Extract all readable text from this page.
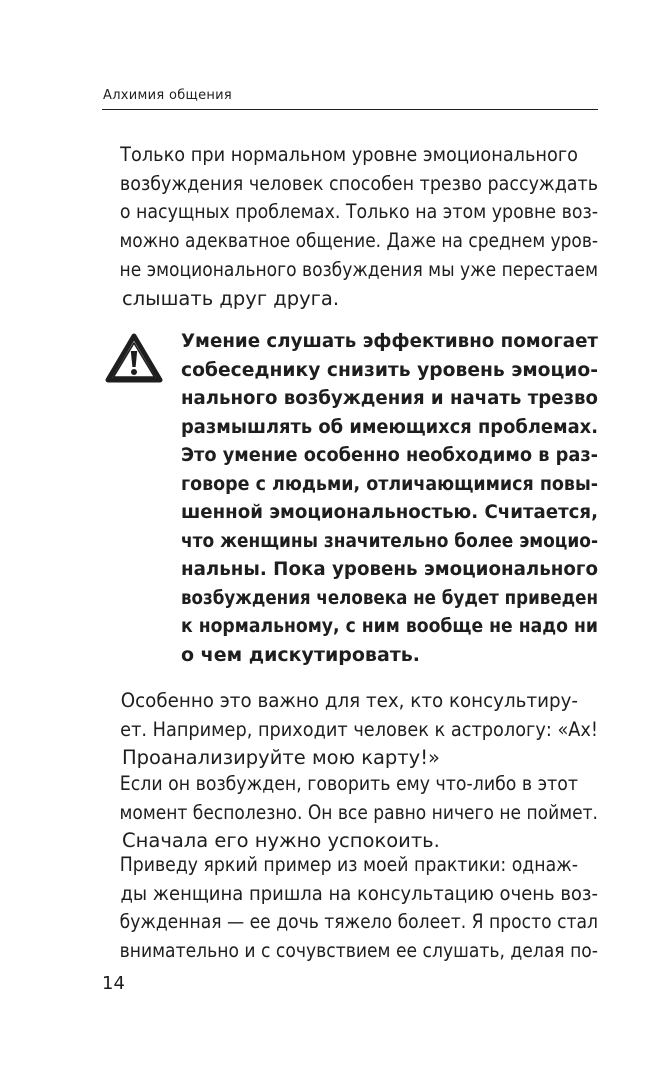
Алхимия общения
Только при нормальном уровне эмоционального
возбуждения человек способен трезво рассуждать
о насущных проблемах. Только на этом уровне воз-
можно адекватное общение. Даже на среднем уров-
не эмоционального возбуждения мы уже перестаем
слышать друг друга.
Умение слушать эффективно помогает
собеседнику снизить уровень эмоцио-
нального возбуждения и начать трезво
размышлять об имеющихся проблемах.
Это умение особенно необходимо в раз-
говоре с людьми, отличающимися повы-
шенной эмоциональностью. Считается,
что женщины значительно более эмоцио-
нальны. Пока уровень эмоционального
возбуждения человека не будет приведен
к нормальному, с ним вообще не надо ни
о чем дискутировать.
Особенно это важно для тех, кто консультиру-
ет. Например, приходит человек к астрологу: «Ах!
Проанализируйте мою карту!»
Если он возбужден, говорить ему что-либо в этот
момент бесполезно. Он все равно ничего не поймет.
Сначала его нужно успокоить.
Приведу яркий пример из моей практики: однаж-
ды женщина пришла на консультацию очень воз-
бужденная — ее дочь тяжело болеет. Я просто стал
внимательно и с сочувствием ее слушать, делая по-
14
